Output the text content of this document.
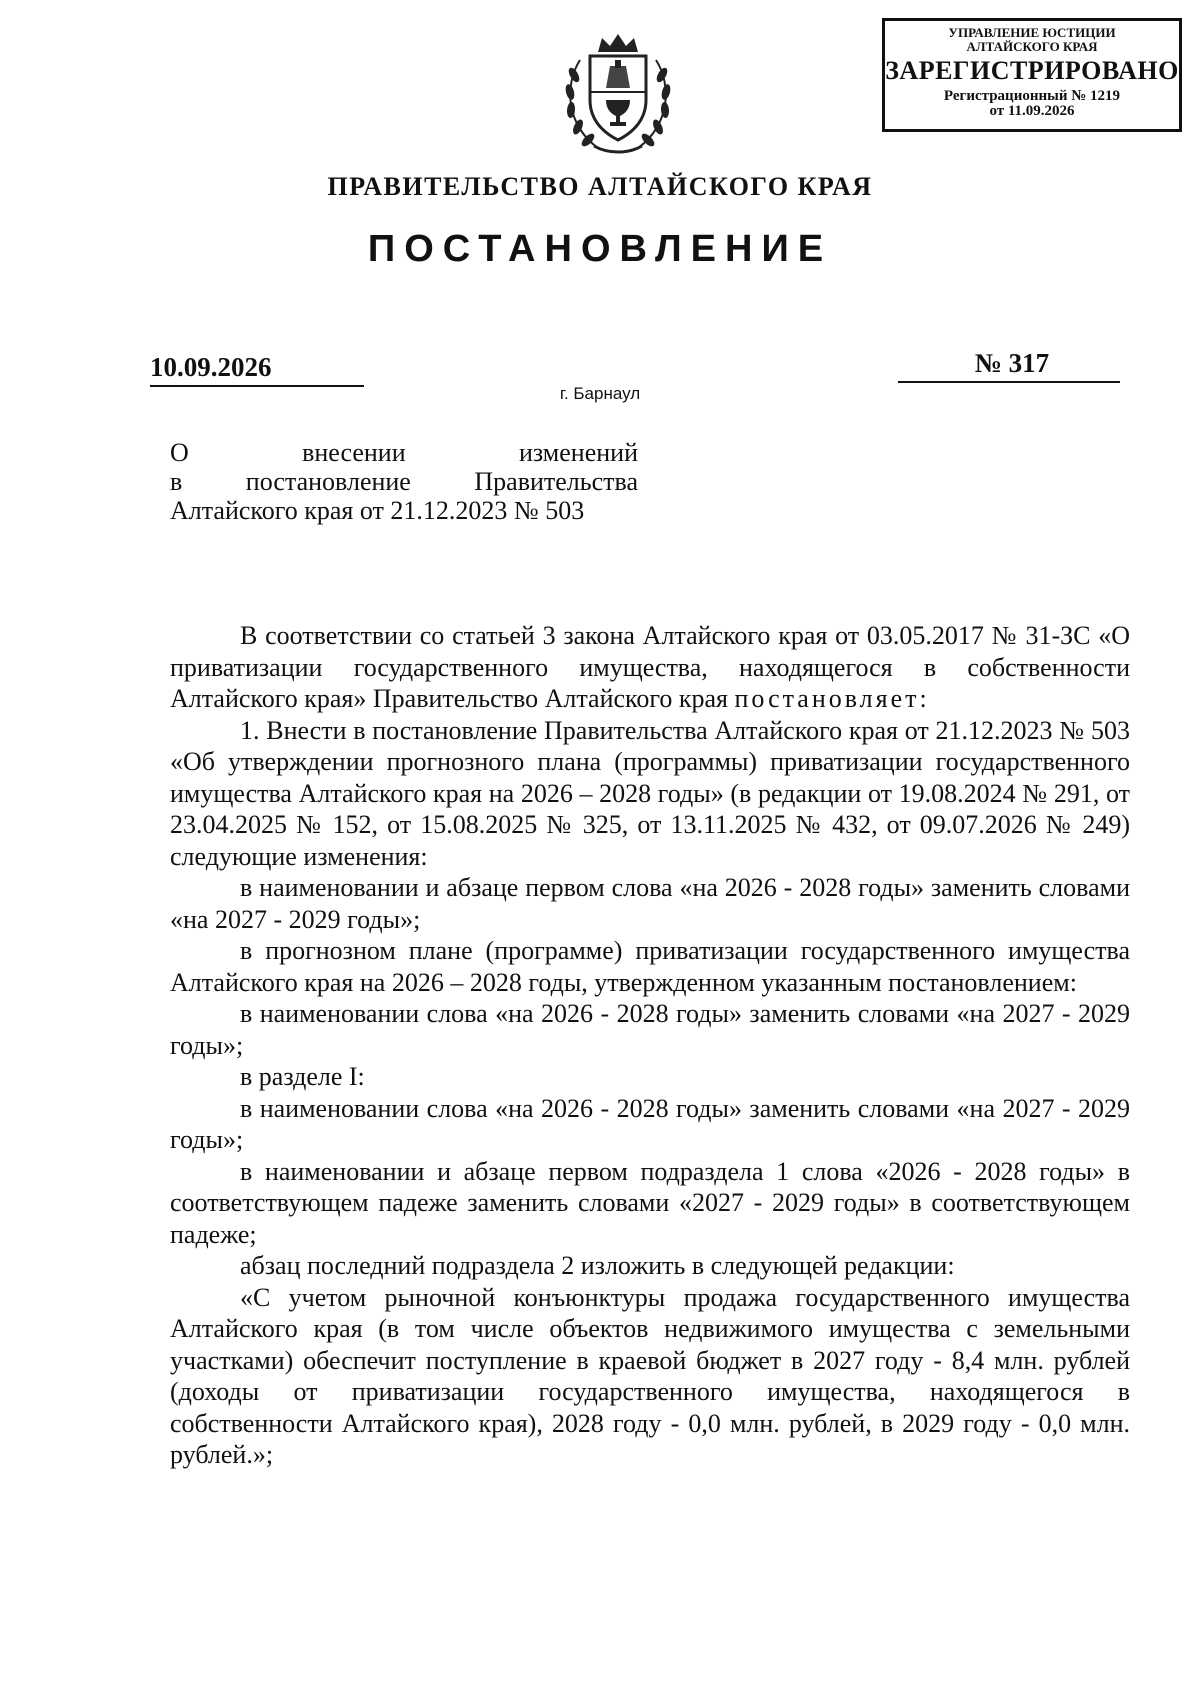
УПРАВЛЕНИЕ ЮСТИЦИИ
АЛТАЙСКОГО КРАЯ
ЗАРЕГИСТРИРОВАНО
Регистрационный № 1219
от 11.09.2026
ПРАВИТЕЛЬСТВО АЛТАЙСКОГО КРАЯ
ПОСТАНОВЛЕНИЕ
10.09.2026	№ 317
г. Барнаул
О внесении изменений
в постановление Правительства
Алтайского края от 21.12.2023 № 503

В соответствии со статьей 3 закона Алтайского края от 03.05.2017 № 31-ЗС «О приватизации государственного имущества, находящегося в собственности Алтайского края» Правительство Алтайского края постановляет:

1. Внести в постановление Правительства Алтайского края от 21.12.2023 № 503 «Об утверждении прогнозного плана (программы) приватизации государственного имущества Алтайского края на 2026 – 2028 годы» (в редакции от 19.08.2024 № 291, от 23.04.2025 № 152, от 15.08.2025 № 325, от 13.11.2025 № 432, от 09.07.2026 № 249) следующие изменения:

в наименовании и абзаце первом слова «на 2026 - 2028 годы» заменить словами «на 2027 - 2029 годы»;

в прогнозном плане (программе) приватизации государственного имущества Алтайского края на 2026 – 2028 годы, утвержденном указанным постановлением:

в наименовании слова «на 2026 - 2028 годы» заменить словами «на 2027 - 2029 годы»;

в разделе I:

в наименовании слова «на 2026 - 2028 годы» заменить словами «на 2027 - 2029 годы»;

в наименовании и абзаце первом подраздела 1 слова «2026 - 2028 годы» в соответствующем падеже заменить словами «2027 - 2029 годы» в соответствующем падеже;

абзац последний подраздела 2 изложить в следующей редакции:

«С учетом рыночной конъюнктуры продажа государственного имущества Алтайского края (в том числе объектов недвижимого имущества с земельными участками) обеспечит поступление в краевой бюджет в 2027 году - 8,4 млн. рублей (доходы от приватизации государственного имущества, находящегося в собственности Алтайского края), 2028 году - 0,0 млн. рублей, в 2029 году - 0,0 млн. рублей.»;
